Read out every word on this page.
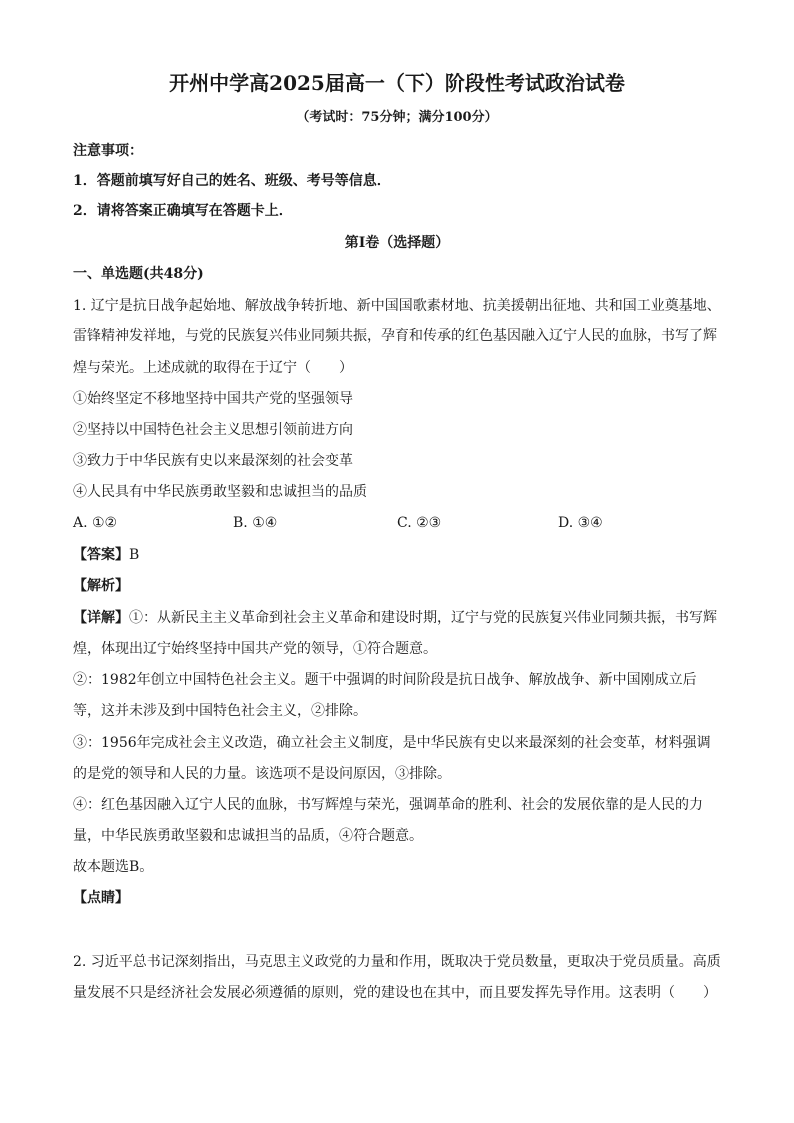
开州中学高2025届高一（下）阶段性考试政治试卷

（考试时：75分钟；满分100分）

注意事项：

1．答题前填写好自己的姓名、班级、考号等信息．

2．请将答案正确填写在答题卡上．

第I卷（选择题）

一、单选题(共48分)

1. 辽宁是抗日战争起始地、解放战争转折地、新中国国歌素材地、抗美援朝出征地、共和国工业奠基地、

雷锋精神发祥地，与党的民族复兴伟业同频共振，孕育和传承的红色基因融入辽宁人民的血脉，书写了辉

煌与荣光。上述成就的取得在于辽宁（　　）

①始终坚定不移地坚持中国共产党的坚强领导

②坚持以中国特色社会主义思想引领前进方向

③致力于中华民族有史以来最深刻的社会变革

④人民具有中华民族勇敢坚毅和忠诚担当的品质

A. ①②	B. ①④	C. ②③	D. ③④

【答案】B

【解析】

【详解】①：从新民主主义革命到社会主义革命和建设时期，辽宁与党的民族复兴伟业同频共振，书写辉

煌，体现出辽宁始终坚持中国共产党的领导，①符合题意。

②：1982年创立中国特色社会主义。题干中强调的时间阶段是抗日战争、解放战争、新中国刚成立后

等，这并未涉及到中国特色社会主义，②排除。

③：1956年完成社会主义改造，确立社会主义制度，是中华民族有史以来最深刻的社会变革，材料强调

的是党的领导和人民的力量。该选项不是设问原因，③排除。

④：红色基因融入辽宁人民的血脉，书写辉煌与荣光，强调革命的胜利、社会的发展依靠的是人民的力

量，中华民族勇敢坚毅和忠诚担当的品质，④符合题意。

故本题选B。

【点睛】

2. 习近平总书记深刻指出，马克思主义政党的力量和作用，既取决于党员数量，更取决于党员质量。高质

量发展不只是经济社会发展必须遵循的原则，党的建设也在其中，而且要发挥先导作用。这表明（　　）
